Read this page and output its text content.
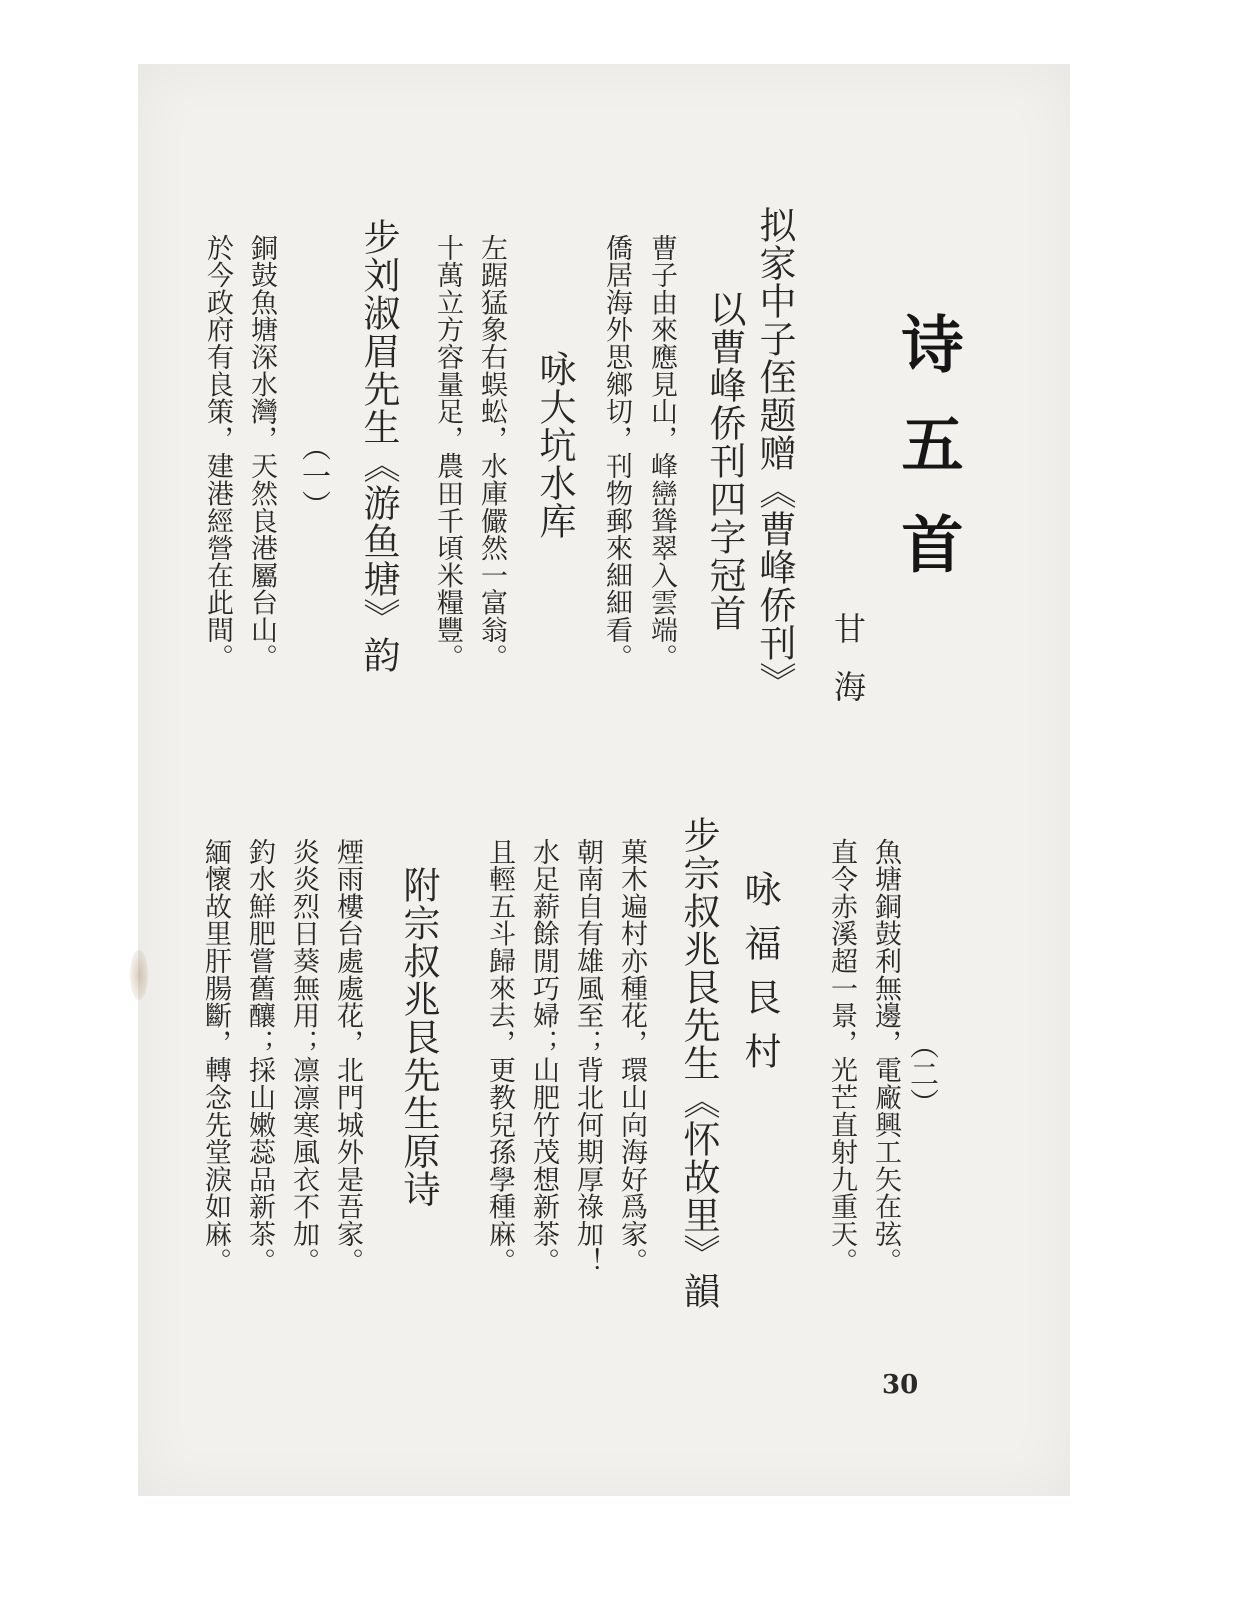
诗五首
甘海
拟家中子侄题赠《曹峰侨刊》
以曹峰侨刊四字冠首
曹子由來應見山，峰巒聳翠入雲端。
僑居海外思鄉切，刊物郵來細細看。
咏大坑水库
左踞猛象右蜈蚣，水庫儼然一富翁。
十萬立方容量足，農田千頃米糧豐。
步刘淑眉先生《游鱼塘》韵
（一）
銅鼓魚塘深水灣，天然良港屬台山。
於今政府有良策，建港經營在此間。
（二）
魚塘銅鼓利無邊，電廠興工矢在弦。
直令赤溪超一景，光芒直射九重天。
咏福艮村
步宗叔兆艮先生《怀故里》韻
菓木遍村亦種花，環山向海好爲家。
朝南自有雄風至；背北何期厚祿加！
水足薪餘閒巧婦；山肥竹茂想新茶。
且輕五斗歸來去，更教兒孫學種麻。
附宗叔兆艮先生原诗
煙雨樓台處處花，北門城外是吾家。
炎炎烈日葵無用；凛凛寒風衣不加。
釣水鮮肥嘗舊釀；採山嫩蕊品新茶。
緬懷故里肝腸斷，轉念先堂淚如麻。
30
